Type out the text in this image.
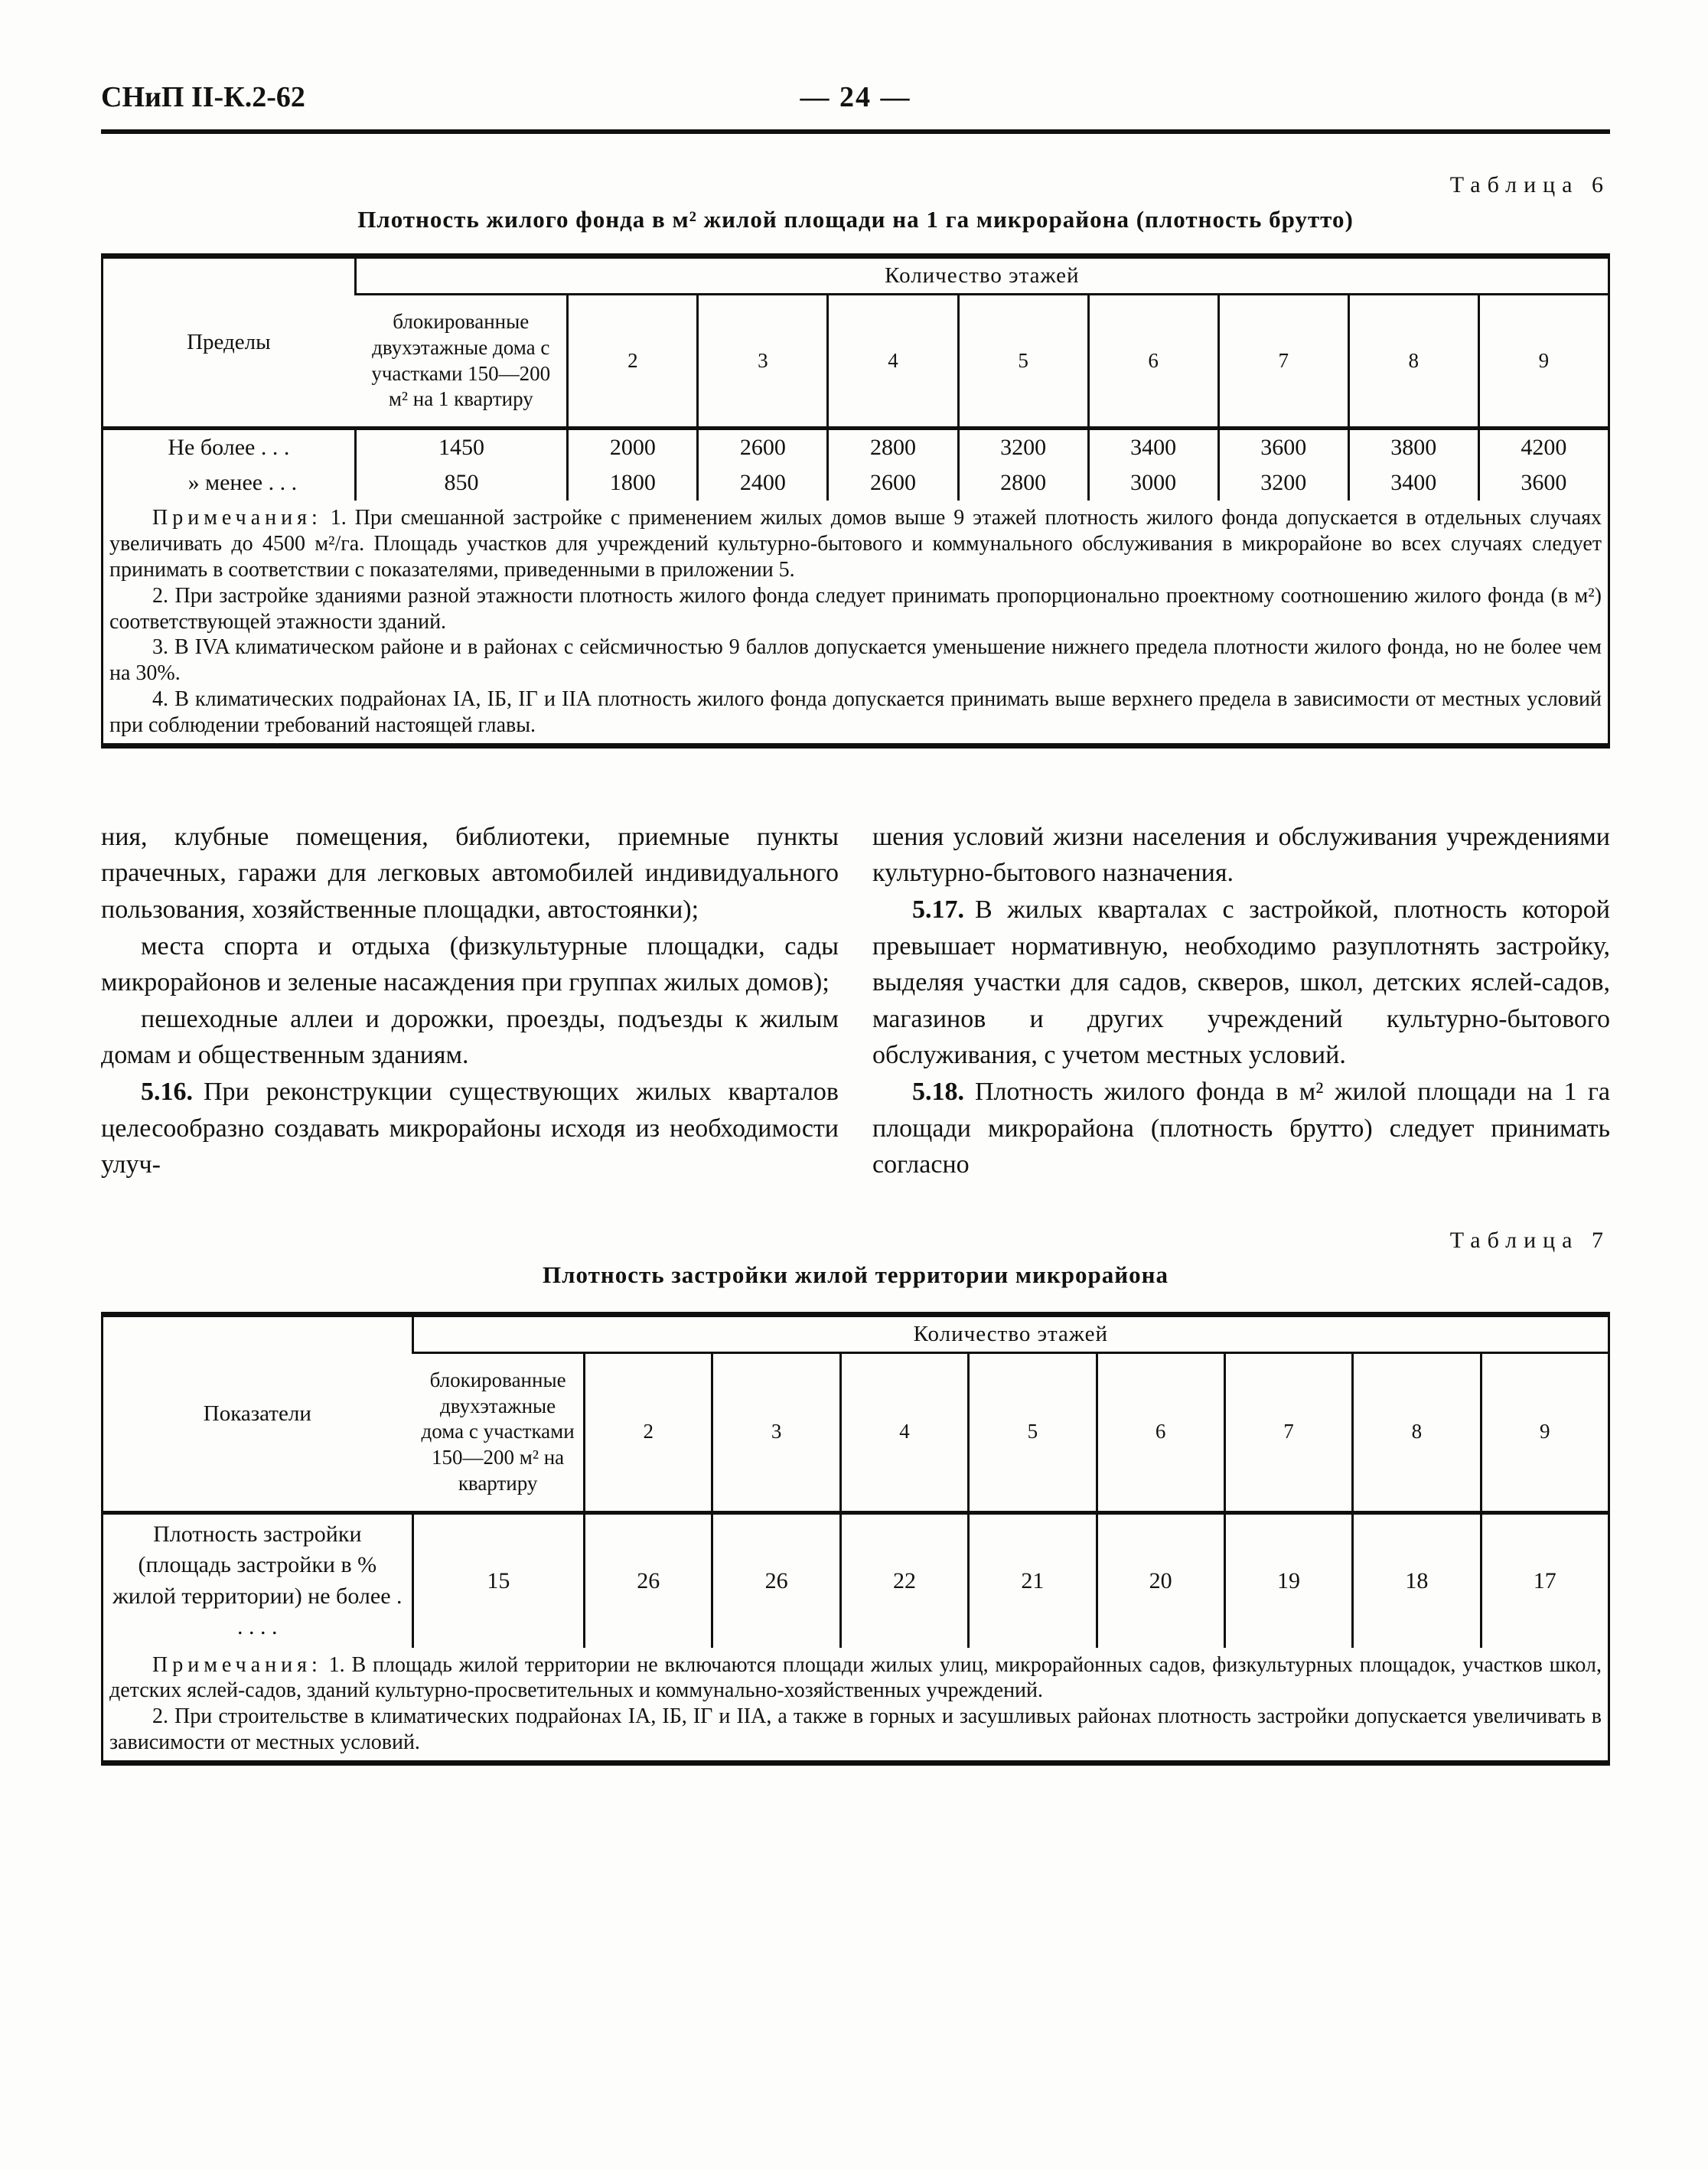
СНиП II-К.2-62	— 24 —
Таблица 6
Плотность жилого фонда в м² жилой площади на 1 га микрорайона (плотность брутто)
Пределы	Количество этажей								
	блокированные двухэтажные дома с участками 150—200 м² на 1 квартиру	2	3	4	5	6	7	8	9
Не более . . .	1450	2000	2600	2800	3200	3400	3600	3800	4200
» менее . . .	850	1800	2400	2600	2800	3000	3200	3400	3600

Примечания: 1. При смешанной застройке с применением жилых домов выше 9 этажей плотность жилого фонда допускается в отдельных случаях увеличивать до 4500 м²/га. Площадь участков для учреждений культурно-бытового и коммунального обслуживания в микрорайоне во всех случаях следует принимать в соответствии с показателями, приведенными в приложении 5.

2. При застройке зданиями разной этажности плотность жилого фонда следует принимать пропорционально проектному соотношению жилого фонда (в м²) соответствующей этажности зданий.

3. В IVA климатическом районе и в районах с сейсмичностью 9 баллов допускается уменьшение нижнего предела плотности жилого фонда, но не более чем на 30%.

4. В климатических подрайонах IА, IБ, IГ и IIА плотность жилого фонда допускается принимать выше верхнего предела в зависимости от местных условий при соблюдении требований настоящей главы.									

ния, клубные помещения, библиотеки, приемные пункты прачечных, гаражи для легковых автомобилей индивидуального пользования, хозяйственные площадки, автостоянки);

места спорта и отдыха (физкультурные площадки, сады микрорайонов и зеленые насаждения при группах жилых домов);

пешеходные аллеи и дорожки, проезды, подъезды к жилым домам и общественным зданиям.

5.16. При реконструкции существующих жилых кварталов целесообразно создавать микрорайоны исходя из необходимости улуч-

шения условий жизни населения и обслуживания учреждениями культурно-бытового назначения.

5.17. В жилых кварталах с застройкой, плотность которой превышает нормативную, необходимо разуплотнять застройку, выделяя участки для садов, скверов, школ, детских яслей-садов, магазинов и других учреждений культурно-бытового обслуживания, с учетом местных условий.

5.18. Плотность жилого фонда в м² жилой площади на 1 га площади микрорайона (плотность брутто) следует принимать согласно

Таблица 7
Плотность застройки жилой территории микрорайона
Показатели	Количество этажей								
	блокированные двухэтажные дома с участками 150—200 м² на квартиру	2	3	4	5	6	7	8	9
Плотность застройки (площадь застройки в % жилой территории) не более . . . . .	15	26	26	22	21	20	19	18	17

Примечания: 1. В площадь жилой территории не включаются площади жилых улиц, микрорайонных садов, физкультурных площадок, участков школ, детских яслей-садов, зданий культурно-просветительных и коммунально-хозяйственных учреждений.

2. При строительстве в климатических подрайонах IА, IБ, IГ и IIА, а также в горных и засушливых районах плотность застройки допускается увеличивать в зависимости от местных условий.									
